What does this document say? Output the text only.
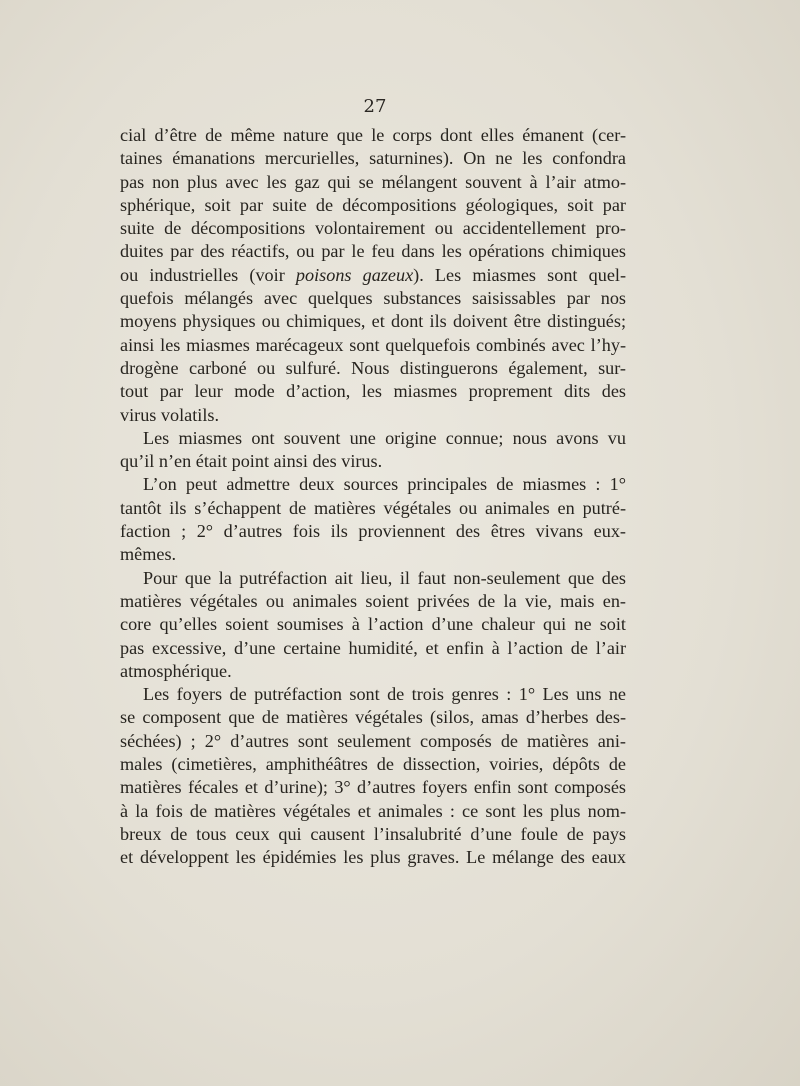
27
cial d’être de même nature que le corps dont elles émanent (cer-
taines émanations mercurielles, saturnines). On ne les confondra
pas non plus avec les gaz qui se mélangent souvent à l’air atmo-
sphérique, soit par suite de décompositions géologiques, soit par
suite de décompositions volontairement ou accidentellement pro-
duites par des réactifs, ou par le feu dans les opérations chimiques
ou industrielles (voir poisons gazeux). Les miasmes sont quel-
quefois mélangés avec quelques substances saisissables par nos
moyens physiques ou chimiques, et dont ils doivent être distingués;
ainsi les miasmes marécageux sont quelquefois combinés avec l’hy-
drogène carboné ou sulfuré. Nous distinguerons également, sur-
tout par leur mode d’action, les miasmes proprement dits des
virus volatils.
Les miasmes ont souvent une origine connue; nous avons vu
qu’il n’en était point ainsi des virus.
L’on peut admettre deux sources principales de miasmes : 1°
tantôt ils s’échappent de matières végétales ou animales en putré-
faction ; 2° d’autres fois ils proviennent des êtres vivans eux-
mêmes.
Pour que la putréfaction ait lieu, il faut non-seulement que des
matières végétales ou animales soient privées de la vie, mais en-
core qu’elles soient soumises à l’action d’une chaleur qui ne soit
pas excessive, d’une certaine humidité, et enfin à l’action de l’air
atmosphérique.
Les foyers de putréfaction sont de trois genres : 1° Les uns ne
se composent que de matières végétales (silos, amas d’herbes des-
séchées) ; 2° d’autres sont seulement composés de matières ani-
males (cimetières, amphithéâtres de dissection, voiries, dépôts de
matières fécales et d’urine); 3° d’autres foyers enfin sont composés
à la fois de matières végétales et animales : ce sont les plus nom-
breux de tous ceux qui causent l’insalubrité d’une foule de pays
et développent les épidémies les plus graves. Le mélange des eaux
